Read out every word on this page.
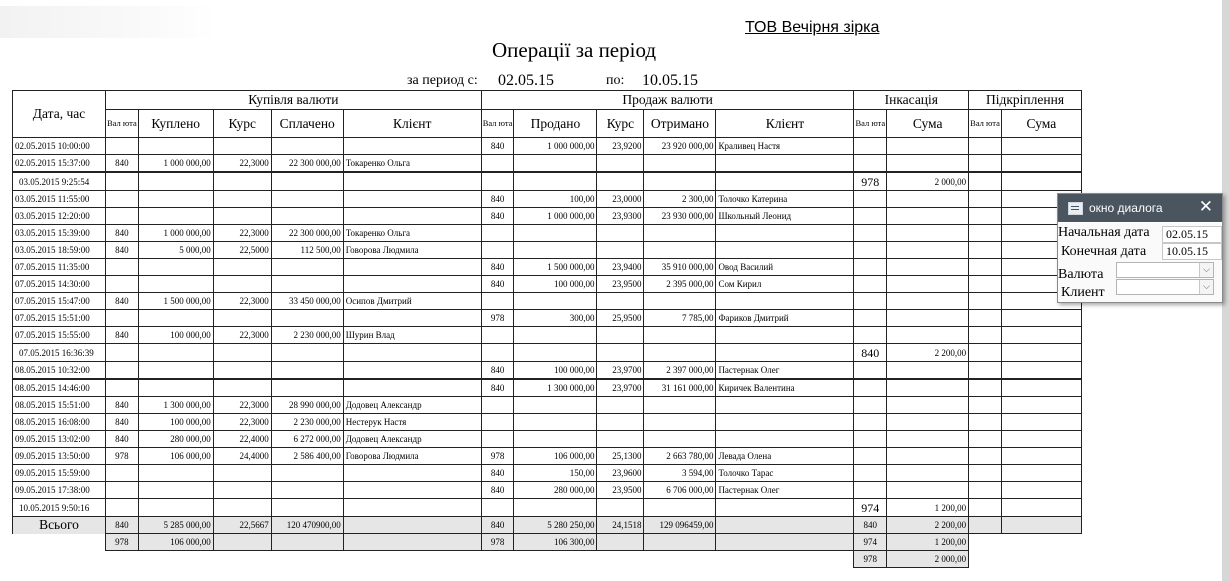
ТОВ Вечірня зірка
Операції за період
за период с: 02.05.15	по: 10.05.15
Дата, час	Купівля валюти					Продаж валюти					Інкасація		Підкріплення	
	Вал юта	Куплено	Курс	Сплачено	Клієнт	Вал юта	Продано	Курс	Отримано	Клієнт	Вал юта	Сума	Вал юта	Сума
02.05.2015 10:00:00						840	1 000 000,00	23,9200	23 920 000,00	Краливец Настя				
02.05.2015 15:37:00	840	1 000 000,00	22,3000	22 300 000,00	Токаренко Ольга									
03.05.2015 9:25:54											978	2 000,00		
03.05.2015 11:55:00						840	100,00	23,0000	2 300,00	Толочко Катерина				
03.05.2015 12:20:00						840	1 000 000,00	23,9300	23 930 000,00	Школьный Леонид				
03.05.2015 15:39:00	840	1 000 000,00	22,3000	22 300 000,00	Токаренко Ольга									
03.05.2015 18:59:00	840	5 000,00	22,5000	112 500,00	Говорова Людмила									
07.05.2015 11:35:00						840	1 500 000,00	23,9400	35 910 000,00	Овод Василий				
07.05.2015 14:30:00						840	100 000,00	23,9500	2 395 000,00	Сом Кирил				
07.05.2015 15:47:00	840	1 500 000,00	22,3000	33 450 000,00	Осипов Дмитрий									
07.05.2015 15:51:00						978	300,00	25,9500	7 785,00	Фариков Дмитрий				
07.05.2015 15:55:00	840	100 000,00	22,3000	2 230 000,00	Шурин Влад									
07.05.2015 16:36:39											840	2 200,00		
08.05.2015 10:32:00						840	100 000,00	23,9700	2 397 000,00	Пастернак Олег				
08.05.2015 14:46:00						840	1 300 000,00	23,9700	31 161 000,00	Киричек Валентина				
08.05.2015 15:51:00	840	1 300 000,00	22,3000	28 990 000,00	Додовец Александр									
08.05.2015 16:08:00	840	100 000,00	22,3000	2 230 000,00	Нестерук Настя									
09.05.2015 13:02:00	840	280 000,00	22,4000	6 272 000,00	Додовец Александр									
09.05.2015 13:50:00	978	106 000,00	24,4000	2 586 400,00	Говорова Людмила	978	106 000,00	25,1300	2 663 780,00	Левада Олена				
09.05.2015 15:59:00						840	150,00	23,9600	3 594,00	Толочко Тарас				
09.05.2015 17:38:00						840	280 000,00	23,9500	6 706 000,00	Пастернак Олег				
10.05.2015 9:50:16											974	1 200,00		
Всього	840	5 285 000,00	22,5667	120 470900,00		840	5 280 250,00	24,1518	129 096459,00		840	2 200,00		
	978	106 000,00				978	106 300,00				974	1 200,00		
											978	2 000,00		
окно диалога ✕
Начальная дата	02.05.15
Конечная дата	10.05.15
Валюта	⌵
Клиент	⌵
